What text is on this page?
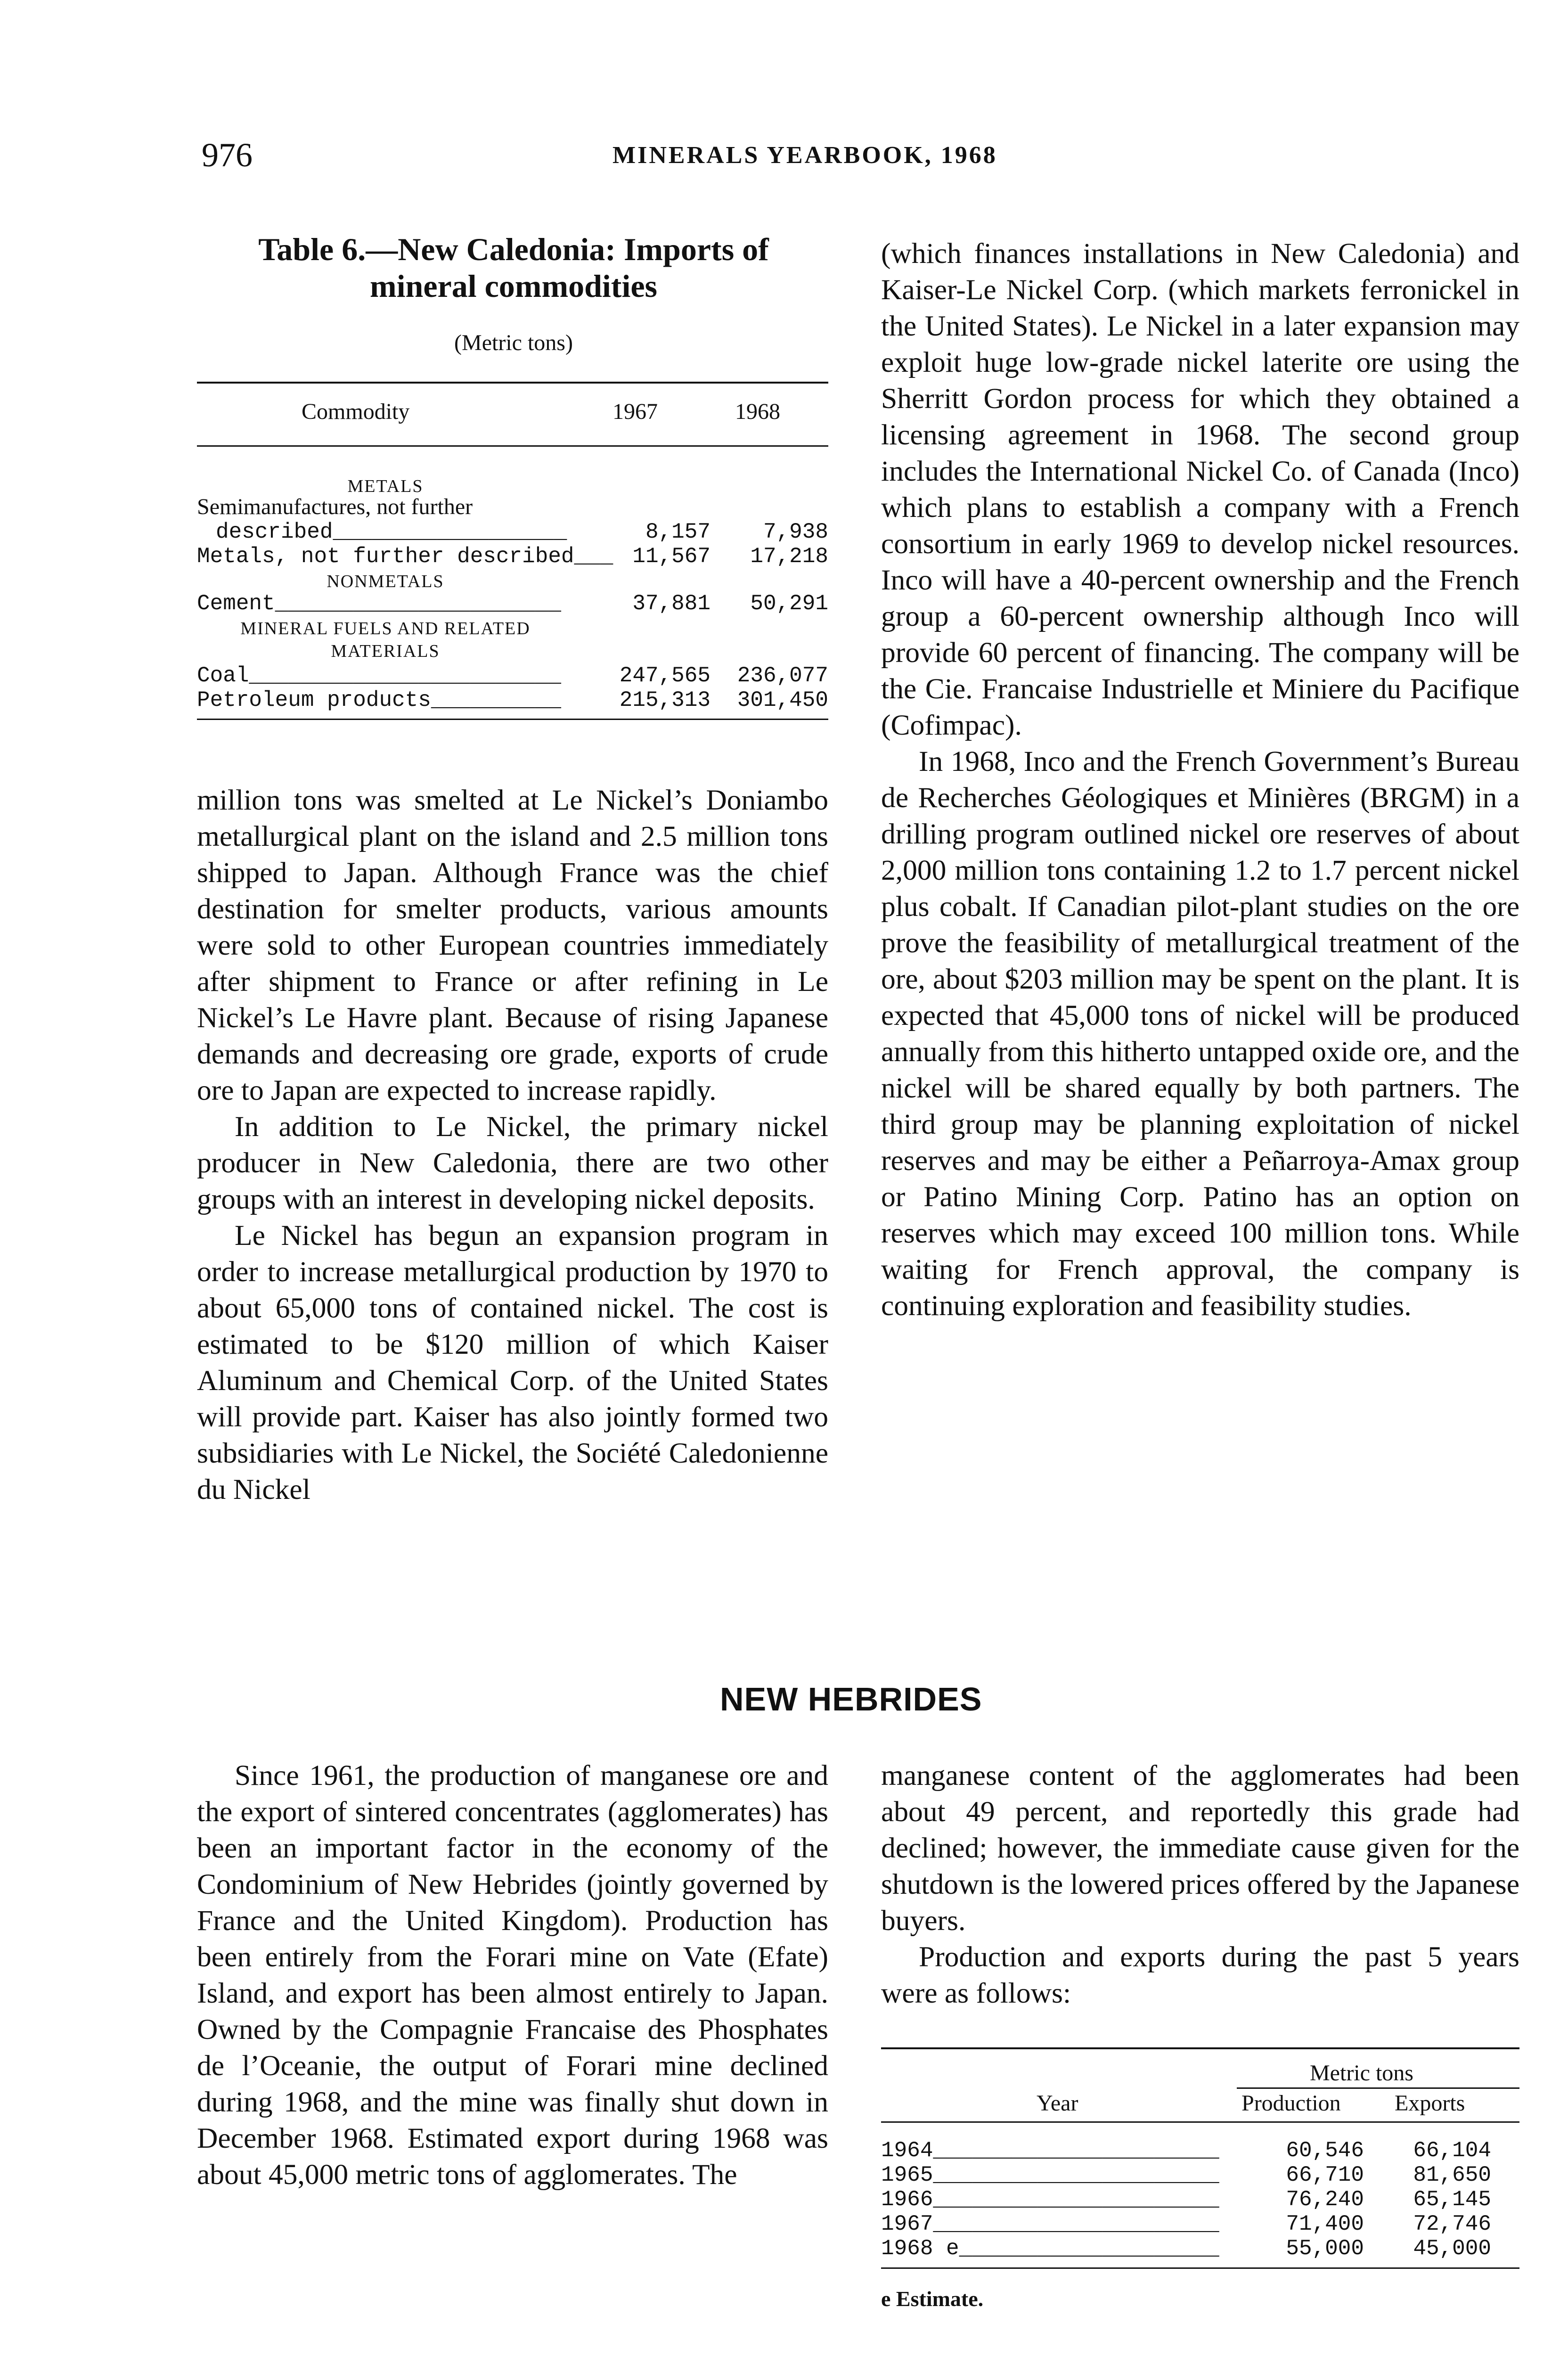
976	MINERALS YEARBOOK, 1968
Table 6.—New Caledonia: Imports of
mineral commodities
(Metric tons)
Commodity	1967	1968
METALS
Semimanufactures, not further
described__________________	8,157 7,938
Metals, not further described___ 11,567 17,218
NONMETALS
Cement______________________	37,881 50,291
MINERAL FUELS AND RELATED
MATERIALS
Coal________________________	247,565 236,077
Petroleum products__________	215,313 301,450

million tons was smelted at Le Nickel’s Doniambo metallurgical plant on the island and 2.5 million tons shipped to Japan. Although France was the chief destination for smelter products, various amounts were sold to other European countries immediately after shipment to France or after refining in Le Nickel’s Le Havre plant. Because of rising Japanese demands and decreasing ore grade, exports of crude ore to Japan are expected to increase rapidly.

In addition to Le Nickel, the primary nickel producer in New Caledonia, there are two other groups with an interest in developing nickel deposits.

Le Nickel has begun an expansion program in order to increase metallurgical production by 1970 to about 65,000 tons of contained nickel. The cost is estimated to be $120 million of which Kaiser Aluminum and Chemical Corp. of the United States will provide part. Kaiser has also jointly formed two subsidiaries with Le Nickel, the Société Caledonienne du Nickel

(which finances installations in New Caledonia) and Kaiser-Le Nickel Corp. (which markets ferronickel in the United States). Le Nickel in a later expansion may exploit huge low-grade nickel laterite ore using the Sherritt Gordon process for which they obtained a licensing agreement in 1968. The second group includes the International Nickel Co. of Canada (Inco) which plans to establish a company with a French consortium in early 1969 to develop nickel resources. Inco will have a 40-percent ownership and the French group a 60-percent ownership although Inco will provide 60 percent of financing. The company will be the Cie. Francaise Industrielle et Miniere du Pacifique (Cofimpac).

In 1968, Inco and the French Government’s Bureau de Recherches Géologiques et Minières (BRGM) in a drilling program outlined nickel ore reserves of about 2,000 million tons containing 1.2 to 1.7 percent nickel plus cobalt. If Canadian pilot-plant studies on the ore prove the feasibility of metallurgical treatment of the ore, about $203 million may be spent on the plant. It is expected that 45,000 tons of nickel will be produced annually from this hitherto untapped oxide ore, and the nickel will be shared equally by both partners. The third group may be planning exploitation of nickel reserves and may be either a Peñarroya-Amax group or Patino Mining Corp. Patino has an option on reserves which may exceed 100 million tons. While waiting for French approval, the company is continuing exploration and feasibility studies.

NEW HEBRIDES

Since 1961, the production of manganese ore and the export of sintered concentrates (agglomerates) has been an important factor in the economy of the Condominium of New Hebrides (jointly governed by France and the United Kingdom). Production has been entirely from the Forari mine on Vate (Efate) Island, and export has been almost entirely to Japan. Owned by the Compagnie Francaise des Phosphates de l’Oceanie, the output of Forari mine declined during 1968, and the mine was finally shut down in December 1968. Estimated export during 1968 was about 45,000 metric tons of agglomerates. The

manganese content of the agglomerates had been about 49 percent, and reportedly this grade had declined; however, the immediate cause given for the shutdown is the lowered prices offered by the Japanese buyers.

Production and exports during the past 5 years were as follows:

Metric tons
Year	Production Exports
1964______________________	60,546 66,104
1965______________________	66,710 81,650
1966______________________	76,240 65,145
1967______________________	71,400 72,746
1968 e____________________	55,000 45,000
e Estimate.
